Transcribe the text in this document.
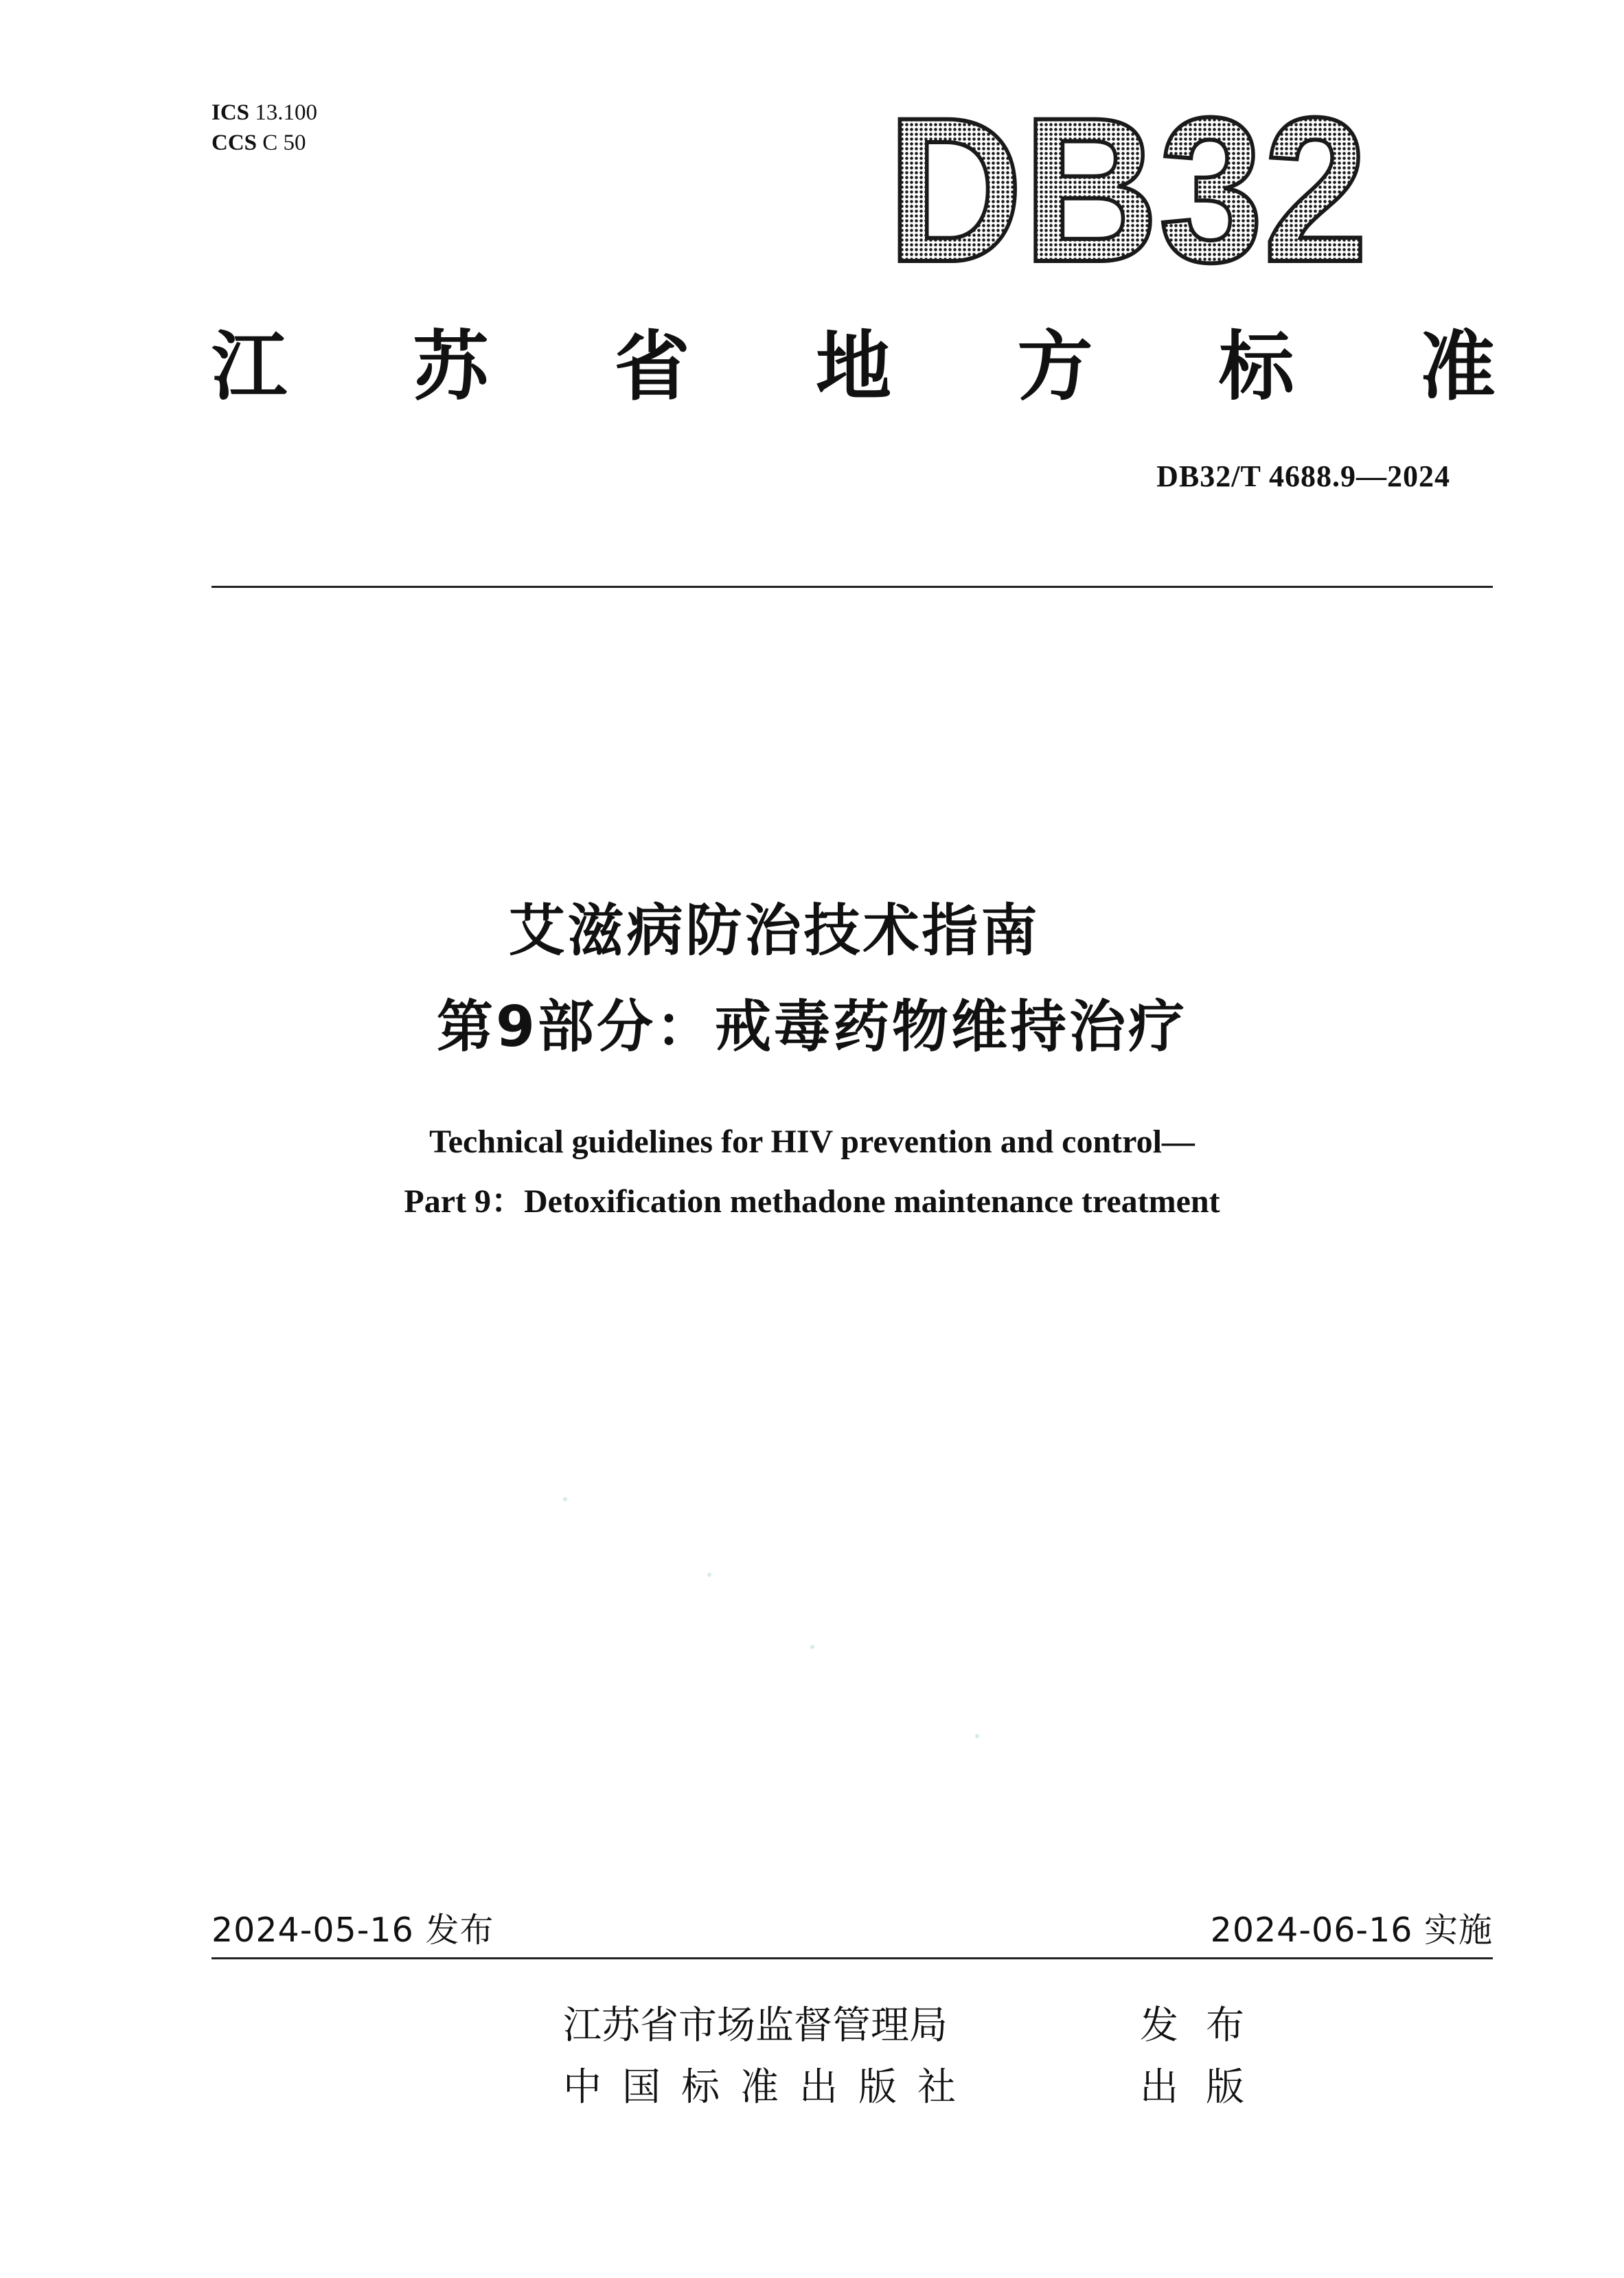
ICS 13.100
CCS C 50	DB32
江 苏 省 地 方 标 准
DB32/T 4688.9—2024
艾滋病防治技术指南
第9部分：戒毒药物维持治疗
Technical guidelines for HIV prevention and control—
Part 9：Detoxification methadone maintenance treatment
2024-05-16 发布	2024-06-16 实施
江苏省市场监督管理局	发布
中国标准出版社	出版
